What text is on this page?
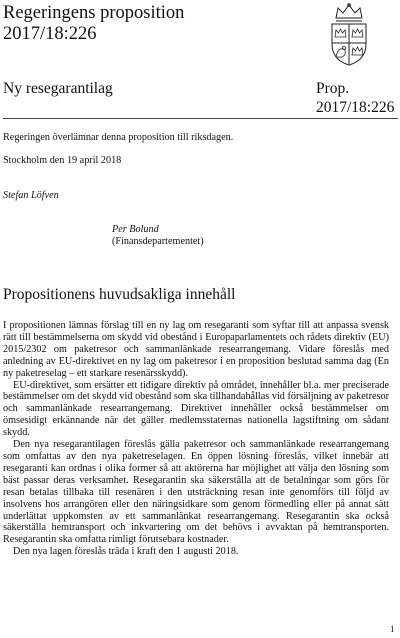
Regeringens proposition
2017/18:226
Ny resegarantilag	Prop.
2017/18:226
Regeringen överlämnar denna proposition till riksdagen.
Stockholm den 19 april 2018
Stefan Löfven
Per Bolund
(Finansdepartementet)
Propositionens huvudsakliga innehåll

I propositionen lämnas förslag till en ny lag om resegaranti som syftar till att anpassa svensk rätt till bestämmelserna om skydd vid obestånd i Europaparlamentets och rådets direktiv (EU) 2015/2302 om paketresor och sammanlänkade researrangemang. Vidare föreslås med anledning av EU-direktivet en ny lag om paketresor i en proposition beslutad samma dag (En ny paketreselag – ett starkare resenärsskydd).

EU-direktivet, som ersätter ett tidigare direktiv på området, innehåller bl.a. mer preciserade bestämmelser om det skydd vid obestånd som ska tillhandahållas vid försäljning av paketresor och sammanlänkade researrangemang. Direktivet innehåller också bestämmelser om ömsesidigt erkännande när det gäller medlemsstaternas nationella lagstiftning om sådant skydd.

Den nya resegarantilagen föreslås gälla paketresor och sammanlänkade researrangemang som omfattas av den nya paketreselagen. En öppen lösning föreslås, vilket innebär att resegaranti kan ordnas i olika former så att aktörerna har möjlighet att välja den lösning som bäst passar deras verksamhet. Resegarantin ska säkerställa att de betalningar som görs för resan betalas tillbaka till resenären i den utsträckning resan inte genomförs till följd av insolvens hos arrangören eller den näringsidkare som genom förmedling eller på annat sätt underlättat uppkomsten av ett sammanlänkat researrangemang. Resegarantin ska också säkerställa hemtransport och inkvartering om det behövs i avvaktan på hemtransporten. Resegarantin ska omfatta rimligt förutsebara kostnader.

Den nya lagen föreslås träda i kraft den 1 augusti 2018.

1
